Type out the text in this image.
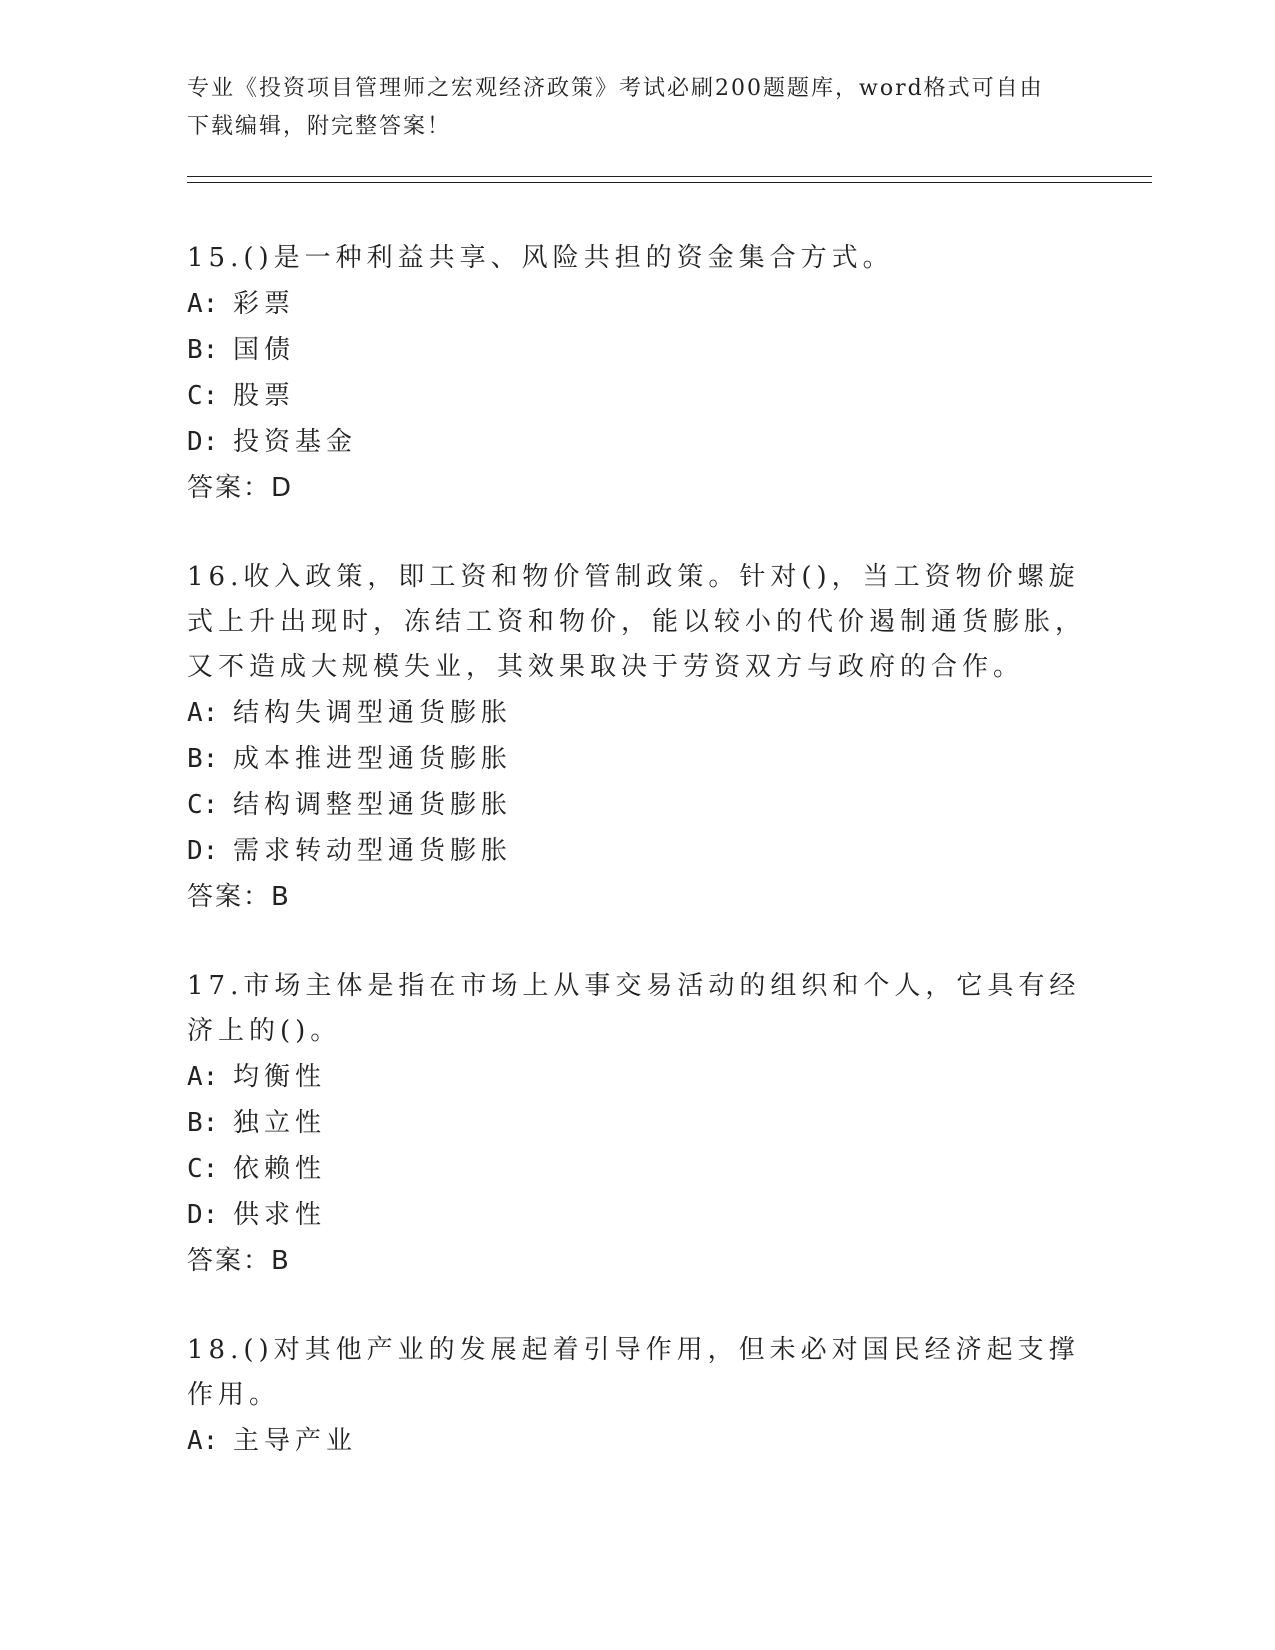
专业《投资项目管理师之宏观经济政策》考试必刷200题题库，word格式可自由
下载编辑，附完整答案！

15.()是一种利益共享、风险共担的资金集合方式。

A: 彩票

B: 国债

C: 股票

D: 投资基金

答案：D

16.收入政策，即工资和物价管制政策。针对()，当工资物价螺旋式上升出现时，冻结工资和物价，能以较小的代价遏制通货膨胀，又不造成大规模失业，其效果取决于劳资双方与政府的合作。

A: 结构失调型通货膨胀

B: 成本推进型通货膨胀

C: 结构调整型通货膨胀

D: 需求转动型通货膨胀

答案：B

17.市场主体是指在市场上从事交易活动的组织和个人，它具有经济上的()。

A: 均衡性

B: 独立性

C: 依赖性

D: 供求性

答案：B

18.()对其他产业的发展起着引导作用，但未必对国民经济起支撑作用。

A: 主导产业
